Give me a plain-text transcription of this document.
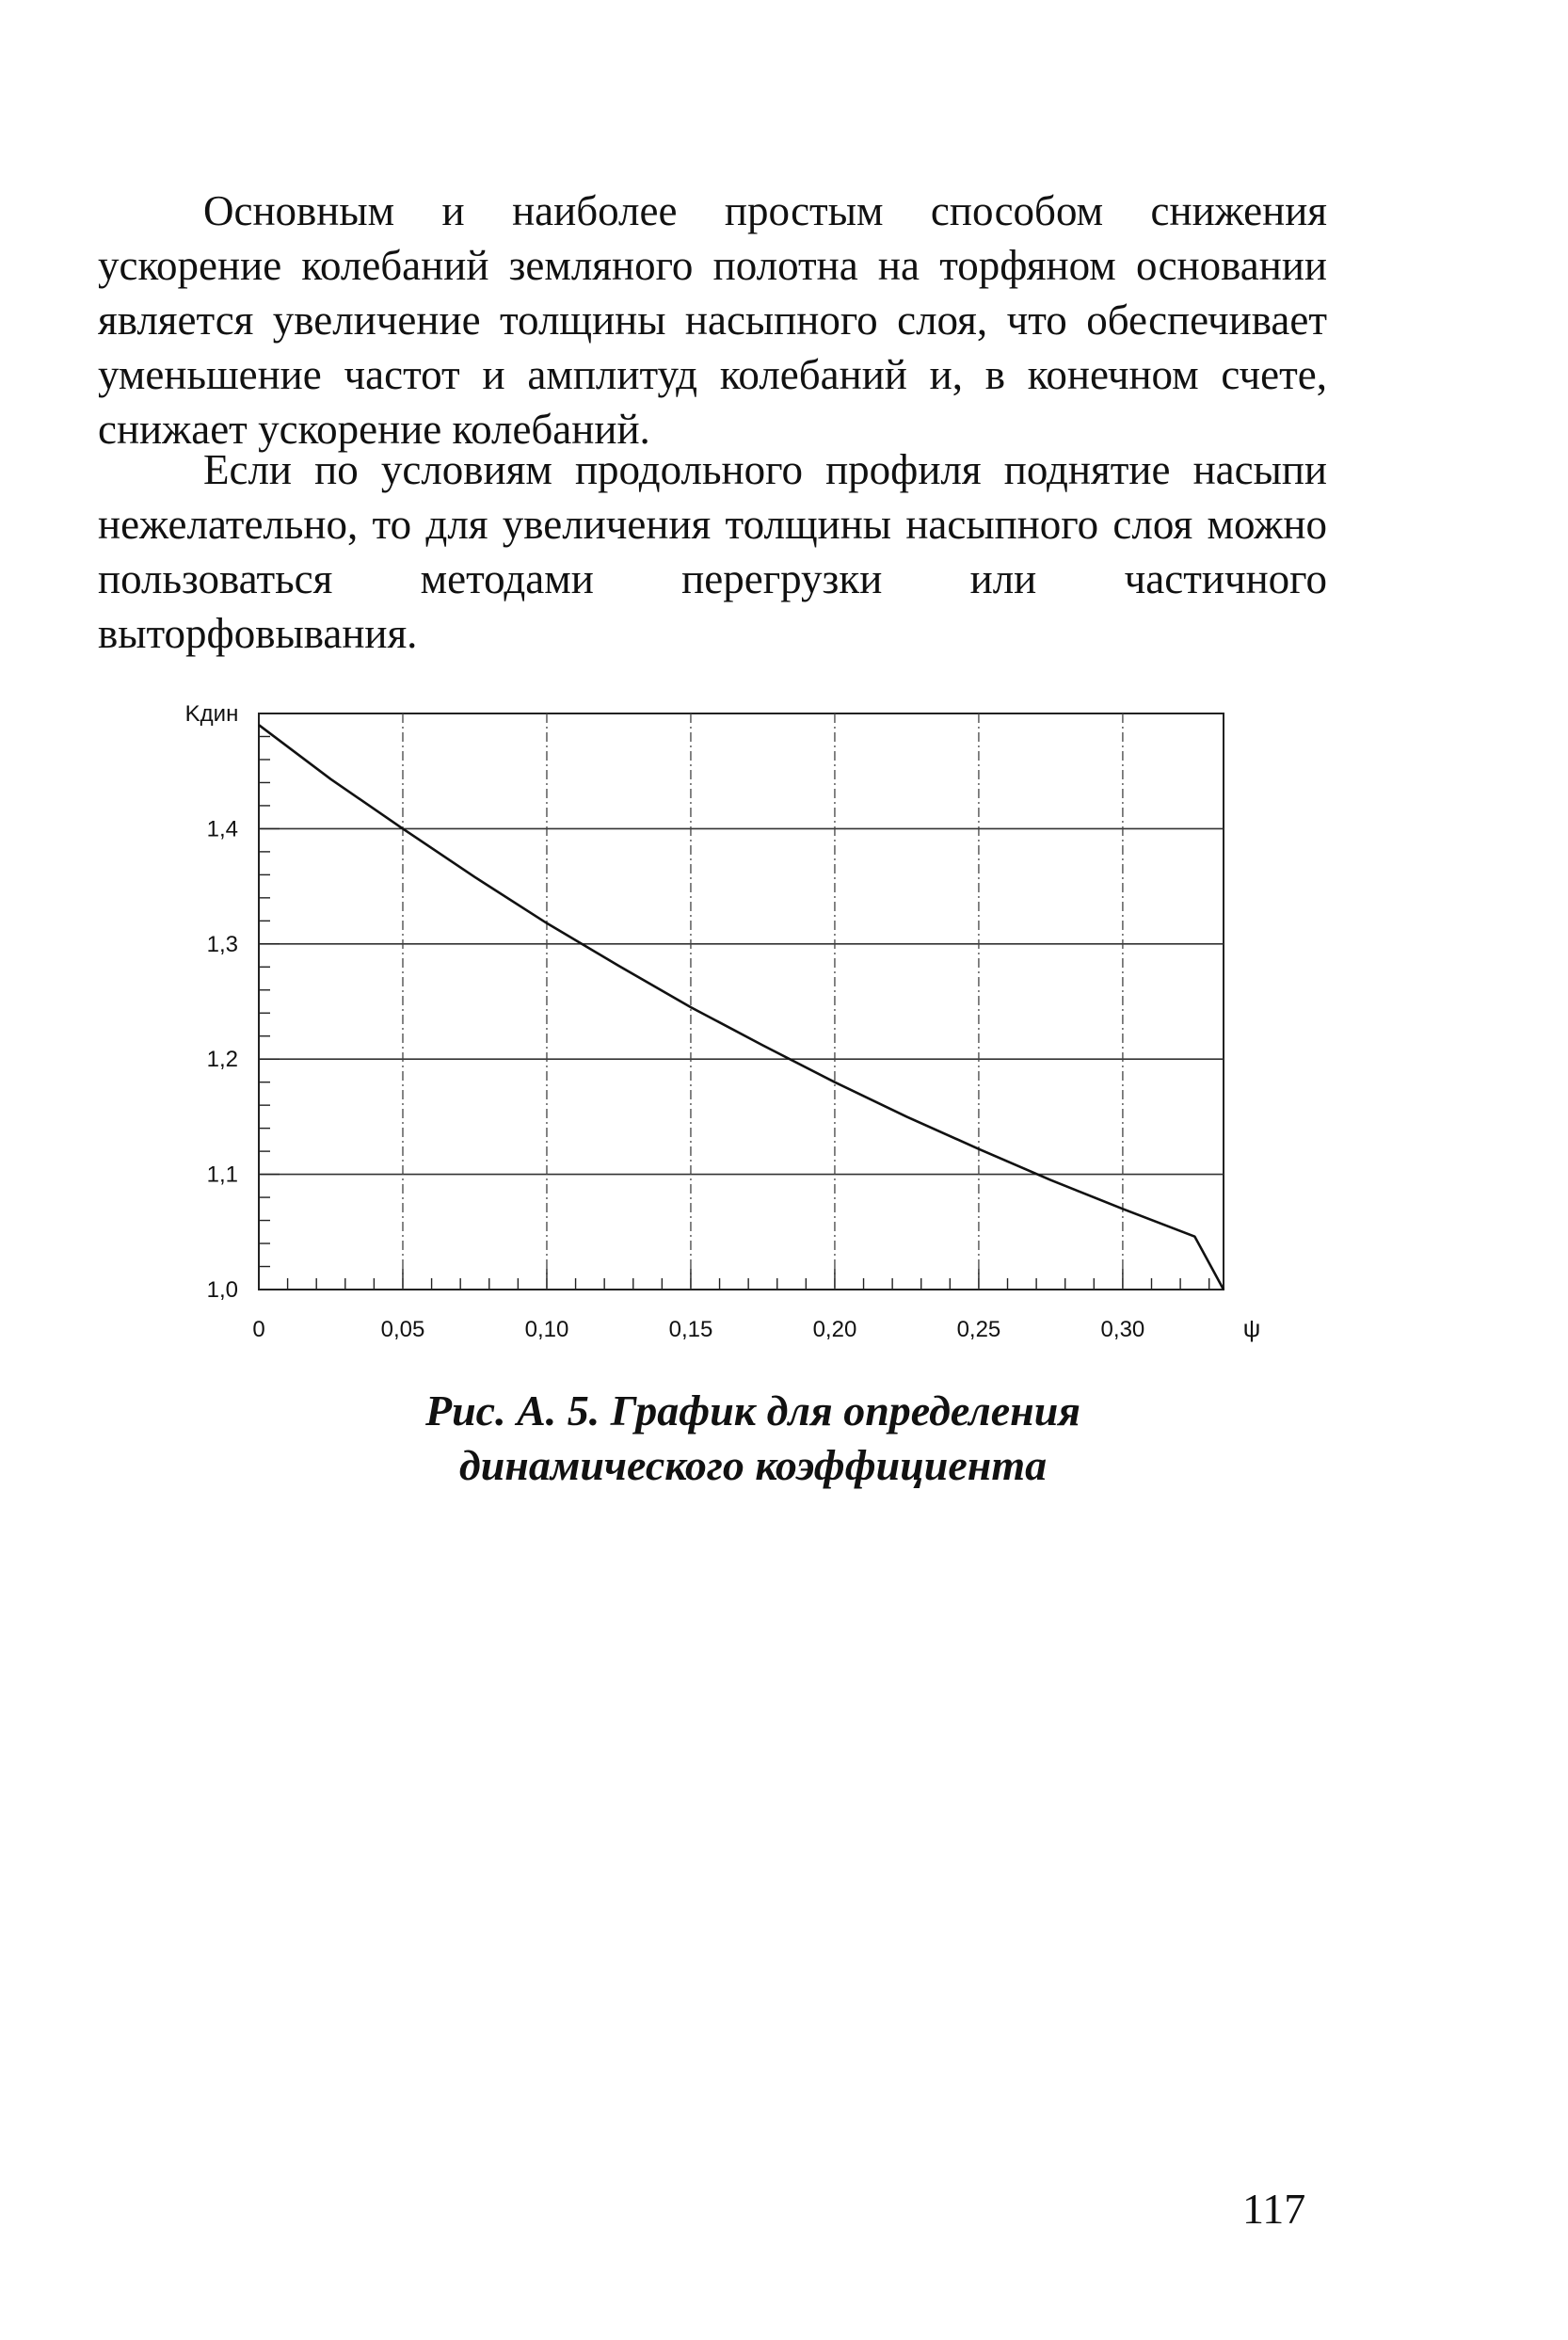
Основным и наиболее простым способом снижения ускорение колебаний земляного полотна на торфяном основании является увеличение толщины насыпного слоя, что обеспечивает уменьшение частот и амплитуд колебаний и, в конечном счете, снижает ускорение колебаний.

Если по условиям продольного профиля поднятие насыпи нежелательно, то для увеличения толщины насыпного слоя можно пользоваться методами перегрузки или частичного выторфовывания.

1,0
1,1
1,2
1,3
1,4
0	0,05	0,10	0,15	0,20	0,25	0,30
Kдин
ψ
Рис. А. 5. График для определения
динамического коэффициента
117
